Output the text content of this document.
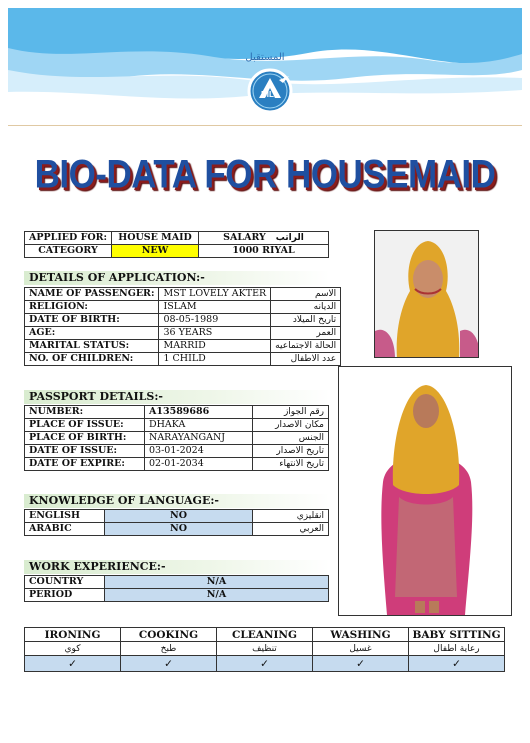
المستقبل
BIL
BIO-DATA FOR HOUSEMAID
APPLIED FOR:	HOUSE MAID	SALARY الراتب
CATEGORY	NEW	1000 RIYAL
DETAILS OF APPLICATION:-
NAME OF PASSENGER:	MST LOVELY AKTER	الاسم
RELIGION:	ISLAM	الديانه
DATE OF BIRTH:	08-05-1989	تاريخ الميلاد
AGE:	36 YEARS	العمر
MARITAL STATUS:	MARRID	الحالة الاجتماعيه
NO. OF CHILDREN:	1 CHILD	عدد الاطفال
PASSPORT DETAILS:-
NUMBER:	A13589686	رقم الجواز
PLACE OF ISSUE:	DHAKA	مكان الاصدار
PLACE OF BIRTH:	NARAYANGANJ	الجنس
DATE OF ISSUE:	03-01-2024	تاريخ الاصدار
DATE OF EXPIRE:	02-01-2034	تاريخ الانتهاء
KNOWLEDGE OF LANGUAGE:-
ENGLISH	NO	انقليزي
ARABIC	NO	العربي
WORK EXPERIENCE:-
COUNTRY	N/A
PERIOD	N/A
IRONING	COOKING	CLEANING	WASHING	BABY SITTING
كوي	طبخ	تنظيف	غسيل	رعاية اطفال
✓	✓	✓	✓	✓
